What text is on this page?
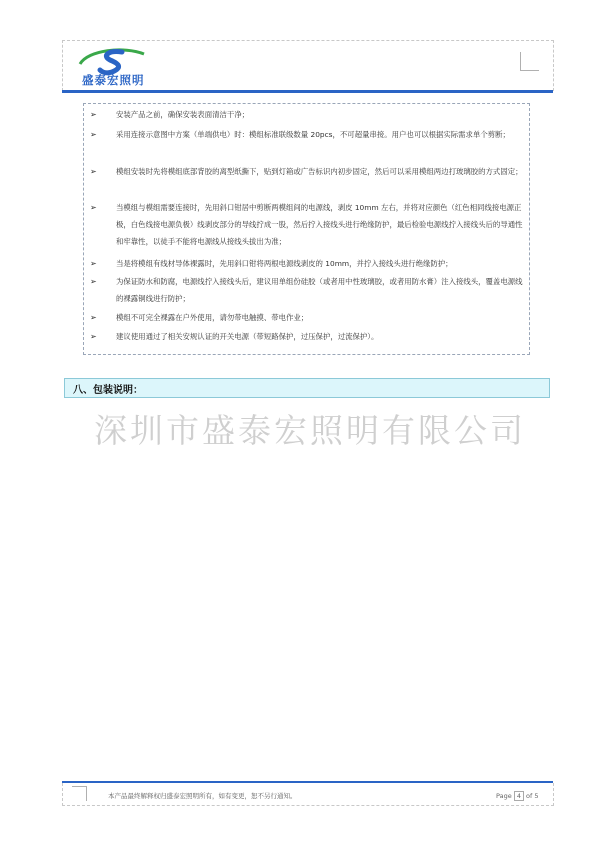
盛泰宏照明
➢	安装产品之前，确保安装表面清洁干净；
➢	采用连接示意图中方案（单端供电）时：模组标准联级数量 20pcs，不可超量串接。用户也可以根据实际需求单个剪断；
➢	模组安装时先将模组底部背胶的离型纸撕下，贴到灯箱或广告标识内初步固定，然后可以采用模组两边打玻璃胶的方式固定；
➢	当模组与模组需要连接时，先用斜口钳居中剪断两模组间的电源线，剥皮 10mm 左右，并将对应颜色（红色相同线接电源正极，白色线接电源负极）线剥皮部分的导线拧成一股，然后拧入接线头进行绝缘防护，最后检验电源线拧入接线头后的导通性和牢靠性，以徒手不能将电源线从接线头拔出为准；
➢	当是将模组有线材导体裸露时，先用斜口钳将两根电源线剥皮的 10mm，并拧入接线头进行绝缘防护；
➢	为保证防水和防腐，电源线拧入接线头后，建议用单组份硅胶（或者用中性玻璃胶，或者用防水膏）注入接线头，覆盖电源线的裸露铜线进行防护；
➢	模组不可完全裸露在户外使用，请勿带电触摸、带电作业；
➢	建议使用通过了相关安规认证的开关电源（带短路保护，过压保护，过流保护）。
八、包装说明：
深圳市盛泰宏照明有限公司
本产品最终解释权归盛泰宏照明所有，如有变更，恕不另行通知。	Page 4 of 5
